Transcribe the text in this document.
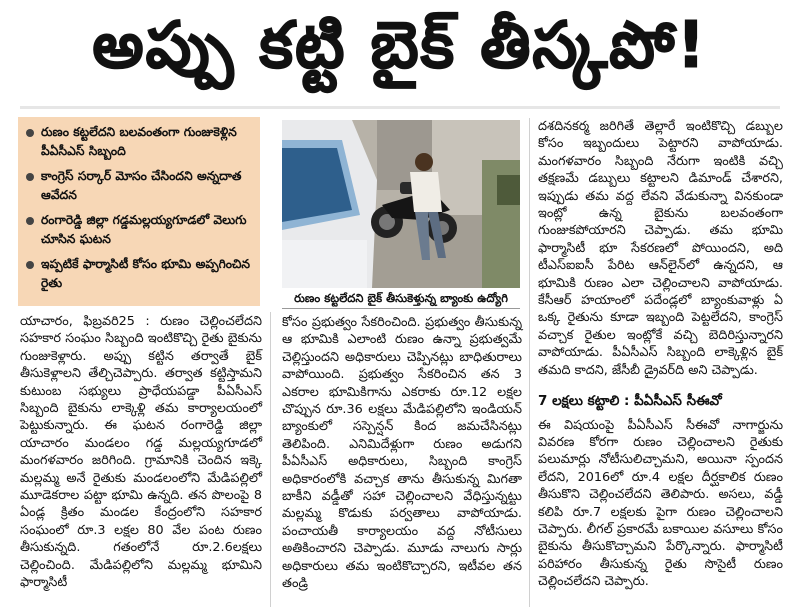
అప్పు కట్టి బైక్ తీస్కపో!
రుణం కట్టలేదని బలవంతంగా గుంజుకెళ్లిన పీఏసీఎస్ సిబ్బంది
కాంగ్రెస్ సర్కార్ మోసం చేసిందని అన్నదాత ఆవేదన
రంగారెడ్డి జిల్లా గడ్డమల్లయ్యగూడలో వెలుగు చూసిన ఘటన
ఇప్పటికే ఫార్మాసిటీ కోసం భూమి అప్పగించిన రైతు
రుణం కట్టలేదని బైక్ తీసుకెళ్తున్న బ్యాంకు ఉద్యోగి

యాచారం, ఫిబ్రవరి25 : రుణం చెల్లించలేదని సహకార సంఘం సిబ్బంది ఇంటికొచ్చి రైతు బైకును గుంజుకెళ్లారు. అప్పు కట్టిన తర్వాతే బైక్ తీసుకెళ్లాలని తేల్చిచెప్పారు. తర్వాత కట్టిస్తామని కుటుంబ సభ్యులు ప్రాధేయపడ్డా పీఏసీఎస్ సిబ్బంది బైకును లాక్కెళ్లి తమ కార్యాలయంలో పెట్టుకున్నారు. ఈ ఘటన రంగారెడ్డి జిల్లా యాచారం మండలం గడ్డ మల్లయ్యగూడలో మంగళవారం జరిగింది. గ్రామానికి చెందిన ఇక్కె మల్లమ్మ అనే రైతుకు మండలంలోని మేడిపల్లిలో మూడెకరాల పట్టా భూమి ఉన్నది. తన పొలంపై 8 ఏండ్ల క్రితం మండల కేంద్రంలోని సహకార సంఘంలో రూ.3 లక్షల 80 వేల పంట రుణం తీసుకున్నది. గతంలోనే రూ.2.6లక్షలు చెల్లించింది. మేడిపల్లిలోని మల్లమ్మ భూమిని ఫార్మాసిటీ

కోసం ప్రభుత్వం సేకరించింది. ప్రభుత్వం తీసుకున్న ఆ భూమికి ఎలాంటి రుణం ఉన్నా ప్రభుత్వమే చెల్లిస్తుందని అధికారులు చెప్పినట్లు బాధితురాలు వాపోయింది. ప్రభుత్వం సేకరించిన తన 3 ఎకరాల భూమికిగాను ఎకరాకు రూ.12 లక్షల చొప్పున రూ.36 లక్షలు మేడిపల్లిలోని ఇండియన్ బ్యాంకులో సస్పెన్షన్ కింద జమచేసినట్లు తెలిపింది. ఎనిమిదేళ్లుగా రుణం అడుగని పీఏసీఎస్ అధికారులు, సిబ్బంది కాంగ్రెస్ అధికారంలోకి వచ్చాక తాను తీసుకున్న మిగతా బాకీని వడ్డీతో సహా చెల్లించాలని వేధిస్తున్నట్టు మల్లమ్మ కొడుకు పర్వతాలు వాపోయాడు. పంచాయతీ కార్యాలయం వద్ద నోటీసులు అతికించారని చెప్పాడు. మూడు నాలుగు సార్లు అధికారులు తమ ఇంటికొచ్చారని, ఇటీవల తన తండ్రి

దశదినకర్మ జరిగితే తెల్లారే ఇంటికొచ్చి డబ్బుల కోసం ఇబ్బందులు పెట్టారని వాపోయాడు. మంగళవారం సిబ్బంది నేరుగా ఇంటికి వచ్చి తక్షణమే డబ్బులు కట్టాలని డిమాండ్ చేశారని, ఇప్పుడు తమ వద్ద లేవని వేడుకున్నా వినకుండా ఇంట్లో ఉన్న బైకును బలవంతంగా గుంజుకపోయారని చెప్పాడు. తమ భూమి ఫార్మాసిటీ భూ సేకరణలో పోయిందని, అది టీఎస్ఐఐసీ పేరిట ఆన్‌లైన్‌లో ఉన్నదని, ఆ భూమికి రుణం ఎలా చెల్లించాలని వాపోయాడు. కేసీఆర్ హయాంలో పదేండ్లలో బ్యాంకువాళ్లు ఏ ఒక్క రైతును కూడా ఇబ్బంది పెట్టలేదని, కాంగ్రెస్ వచ్చాక రైతుల ఇంట్లోకే వచ్చి బెదిరిస్తున్నారని వాపోయాడు. పీఏసీఎస్ సిబ్బంది లాక్కెళ్లిన బైక్ తమది కాదని, జేసీబీ డ్రైవర్‌ది అని చెప్పాడు.

7 లక్షలు కట్టాలి : పీఏసీఎస్ సీఈవో

ఈ విషయంపై పీఏసీఎస్ సీఈవో నాగార్జును వివరణ కోరగా రుణం చెల్లించాలని రైతుకు పలుమార్లు నోటీసులిచ్చామని, అయినా స్పందన లేదని, 2016లో రూ.4 లక్షల దీర్ఘకాలిక రుణం తీసుకొని చెల్లించలేదని తెలిపారు. అసలు, వడ్డీ కలిపి రూ.7 లక్షలకు పైగా రుణం చెల్లించాలని చెప్పారు. లీగల్ ప్రకారమే బకాయిల వసూలు కోసం బైకును తీసుకొచ్చామని పేర్కొన్నారు. ఫార్మాసిటీ పరిహారం తీసుకున్న రైతు సొసైటీ రుణం చెల్లించలేదని చెప్పారు.
